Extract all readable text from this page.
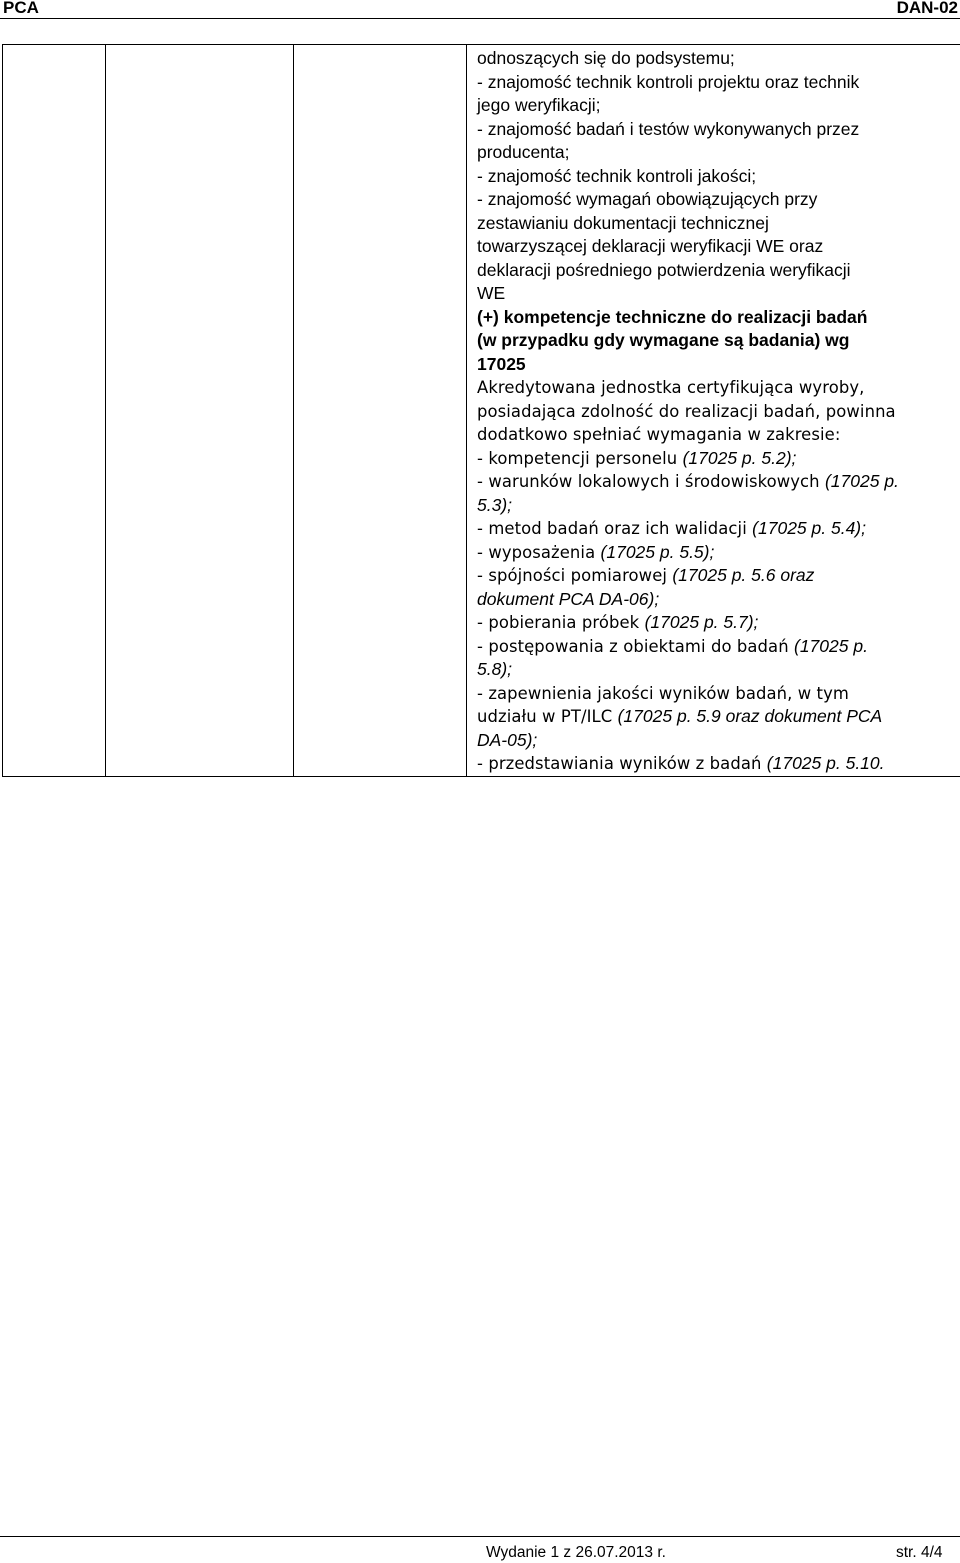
PCA	DAN-02

odnoszących się do podsystemu;
- znajomość technik kontroli projektu oraz technik
jego weryfikacji;
- znajomość badań i testów wykonywanych przez
producenta;
- znajomość technik kontroli jakości;
- znajomość wymagań obowiązujących przy
zestawianiu dokumentacji technicznej
towarzyszącej deklaracji weryfikacji WE oraz
deklaracji pośredniego potwierdzenia weryfikacji
WE
(+) kompetencje techniczne do realizacji badań
(w przypadku gdy wymagane są badania) wg
17025
Akredytowana jednostka certyfikująca wyroby,
posiadająca zdolność do realizacji badań, powinna
dodatkowo spełniać wymagania w zakresie:
- kompetencji personelu (17025 p. 5.2);
- warunków lokalowych i środowiskowych (17025 p.
5.3);
- metod badań oraz ich walidacji (17025 p. 5.4);
- wyposażenia (17025 p. 5.5);
- spójności pomiarowej (17025 p. 5.6 oraz
dokument PCA DA-06);
- pobierania próbek (17025 p. 5.7);
- postępowania z obiektami do badań (17025 p.
5.8);
- zapewnienia jakości wyników badań, w tym
udziału w PT/ILC (17025 p. 5.9 oraz dokument PCA
DA-05);
- przedstawiania wyników z badań (17025 p. 5.10.
Wydanie 1 z 26.07.2013 r.	str. 4/4
